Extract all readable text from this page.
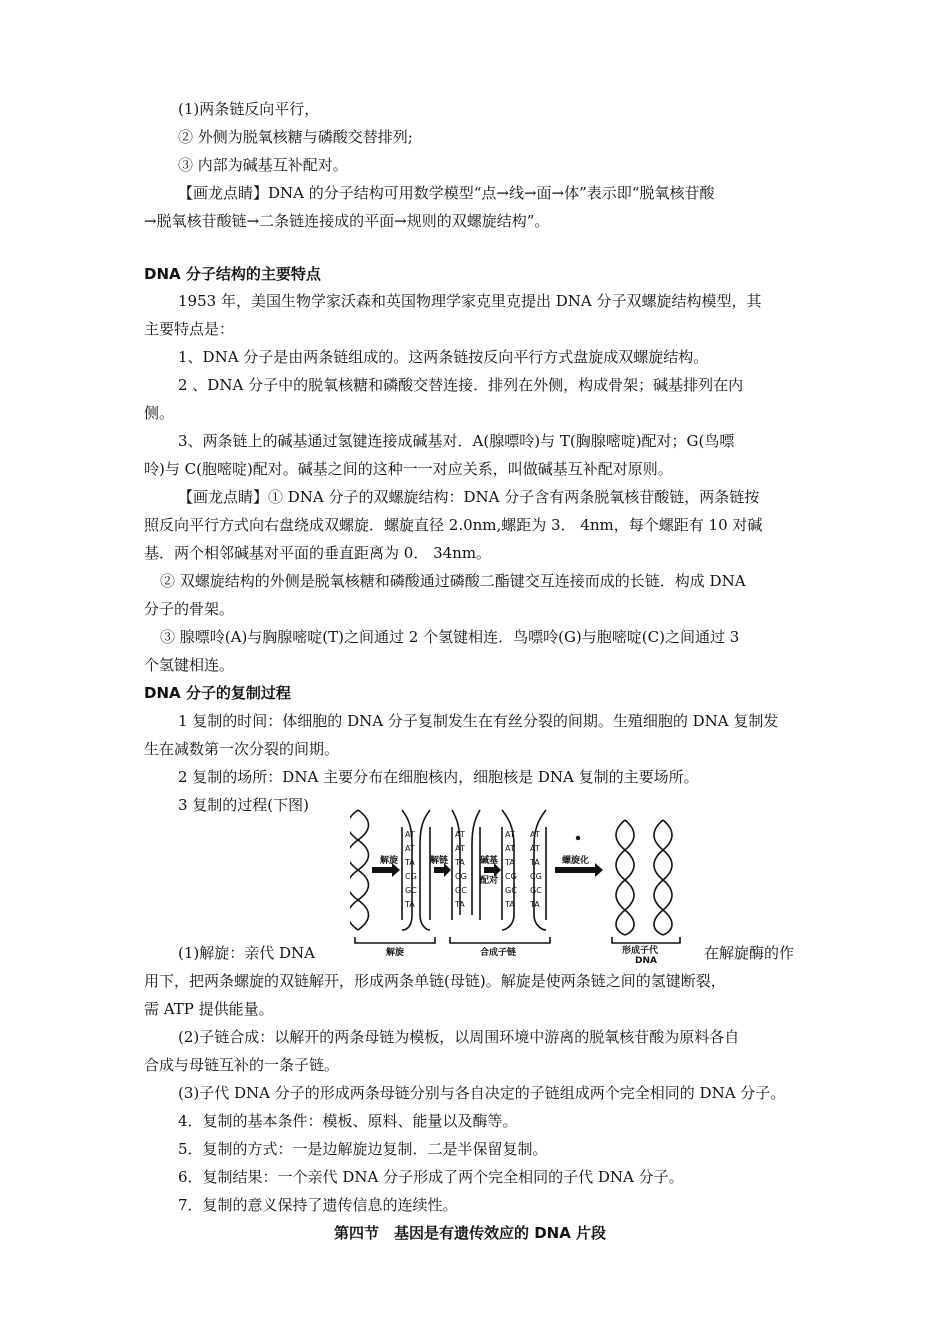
(1)两条链反向平行，
② 外侧为脱氧核糖与磷酸交替排列;
③ 内部为碱基互补配对。
【画龙点睛】DNA 的分子结构可用数学模型“点→线→面→体”表示即“脱氧核苷酸
→脱氧核苷酸链→二条链连接成的平面→规则的双螺旋结构”。
DNA 分子结构的主要特点
1953 年，美国生物学家沃森和英国物理学家克里克提出 DNA 分子双螺旋结构模型，其
主要特点是：
1、DNA 分子是由两条链组成的。这两条链按反向平行方式盘旋成双螺旋结构。
2 、DNA 分子中的脱氧核糖和磷酸交替连接．排列在外侧，构成骨架；碱基排列在内
侧。
3、两条链上的碱基通过氢键连接成碱基对．A(腺嘌呤)与 T(胸腺嘧啶)配对；G(鸟嘌
呤)与 C(胞嘧啶)配对。碱基之间的这种一一对应关系，叫做碱基互补配对原则。
【画龙点睛】① DNA 分子的双螺旋结构：DNA 分子含有两条脱氧核苷酸链，两条链按
照反向平行方式向右盘绕成双螺旋．螺旋直径 2.0nm,螺距为 3． 4nm，每个螺距有 10 对碱
基．两个相邻碱基对平面的垂直距离为 0． 34nm。
② 双螺旋结构的外侧是脱氧核糖和磷酸通过磷酸二酯键交互连接而成的长链．构成 DNA
分子的骨架。
③ 腺嘌呤(A)与胸腺嘧啶(T)之间通过 2 个氢键相连．鸟嘌呤(G)与胞嘧啶(C)之间通过 3
个氢键相连。
DNA 分子的复制过程
1 复制的时间：体细胞的 DNA 分子复制发生在有丝分裂的间期。生殖细胞的 DNA 复制发
生在减数第一次分裂的间期。
2 复制的场所：DNA 主要分布在细胞核内，细胞核是 DNA 复制的主要场所。
3 复制的过程(下图)
解旋	解链	碱基
配对
螺旋化
AT
AT
TA
CG
GC
TA
AT
AT
TA
CG
GC
TA
AT
AT
TA
CG
GC
TA
AT
AT
TA
CG
GC
TA
解旋	合成子链	形成子代
DNA
(1)解旋：亲代 DNA	在解旋酶的作
用下，把两条螺旋的双链解开，形成两条单链(母链)。解旋是使两条链之间的氢键断裂，
需 ATP 提供能量。
(2)子链合成：以解开的两条母链为模板，以周围环境中游离的脱氧核苷酸为原料各自
合成与母链互补的一条子链。
(3)子代 DNA 分子的形成两条母链分别与各自决定的子链组成两个完全相同的 DNA 分子。
4．复制的基本条件：模板、原料、能量以及酶等。
5．复制的方式：一是边解旋边复制．二是半保留复制。
6．复制结果：一个亲代 DNA 分子形成了两个完全相同的子代 DNA 分子。
7．复制的意义保持了遗传信息的连续性。
第四节　基因是有遗传效应的 DNA 片段
